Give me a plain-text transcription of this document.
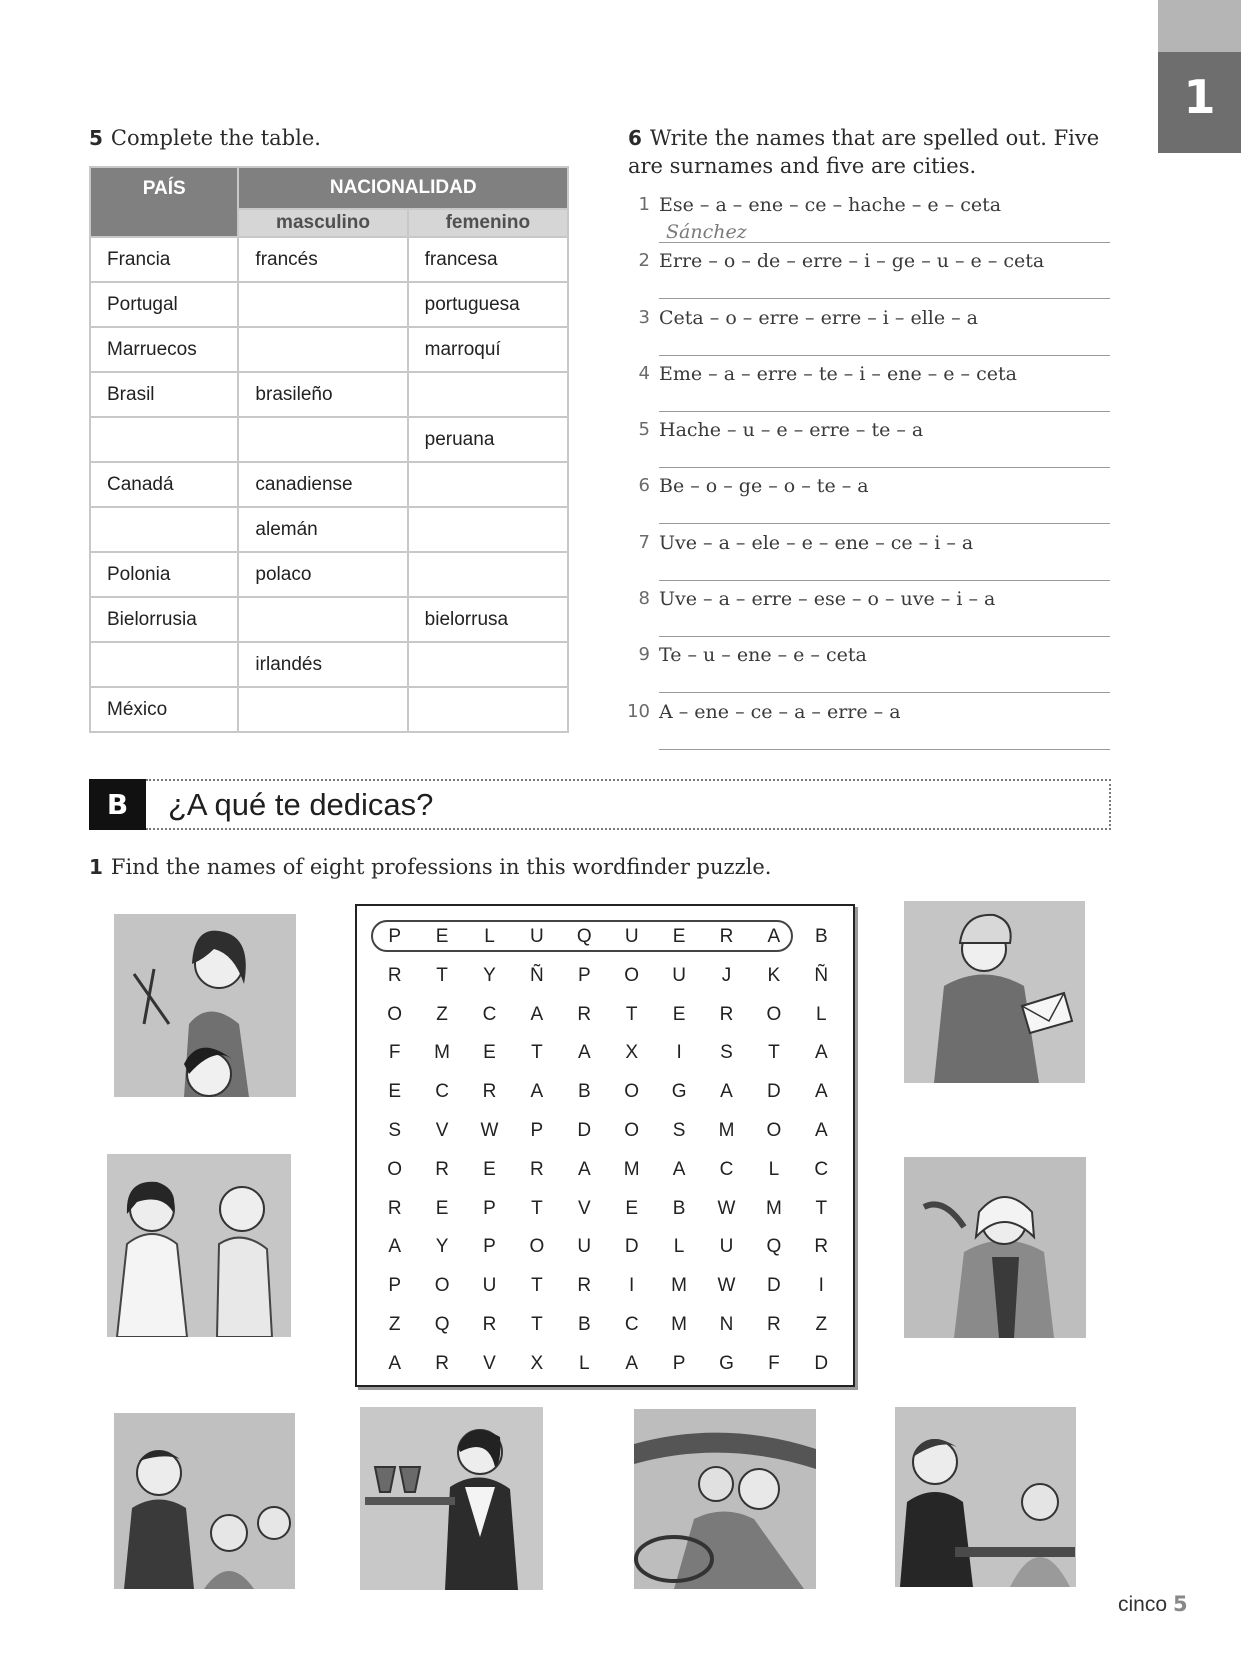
1
5 Complete the table.
PAÍS	NACIONALIDAD	
	masculino	femenino
Francia	francés	francesa
Portugal		portuguesa
Marruecos		marroquí
Brasil	brasileño	
		peruana
Canadá	canadiense	
	alemán	
Polonia	polaco	
Bielorrusia		bielorrusa
	irlandés	
México		
6 Write the names that are spelled out. Five
are surnames and five are cities.
1 Ese – a – ene – ce – hache – e – ceta
Sánchez
2 Erre – o – de – erre – i – ge – u – e – ceta
3 Ceta – o – erre – erre – i – elle – a
4 Eme – a – erre – te – i – ene – e – ceta
5 Hache – u – e – erre – te – a
6 Be – o – ge – o – te – a
7 Uve – a – ele – e – ene – ce – i – a
8 Uve – a – erre – ese – o – uve – i – a
9 Te – u – ene – e – ceta
10 A – ene – ce – a – erre – a
B	¿A qué te dedicas?
1 Find the names of eight professions in this wordfinder puzzle.
P	E	L	U	Q	U	E	R	A	B
R	T	Y	Ñ	P	O	U	J	K	Ñ
O	Z	C	A	R	T	E	R	O	L
F	M	E	T	A	X	I	S	T	A
E	C	R	A	B	O	G	A	D	A
S	V	W	P	D	O	S	M	O	A
O	R	E	R	A	M	A	C	L	C
R	E	P	T	V	E	B	W	M	T
A	Y	P	O	U	D	L	U	Q	R
P	O	U	T	R	I	M	W	D	I
Z	Q	R	T	B	C	M	N	R	Z
A	R	V	X	L	A	P	G	F	D
cinco 5
